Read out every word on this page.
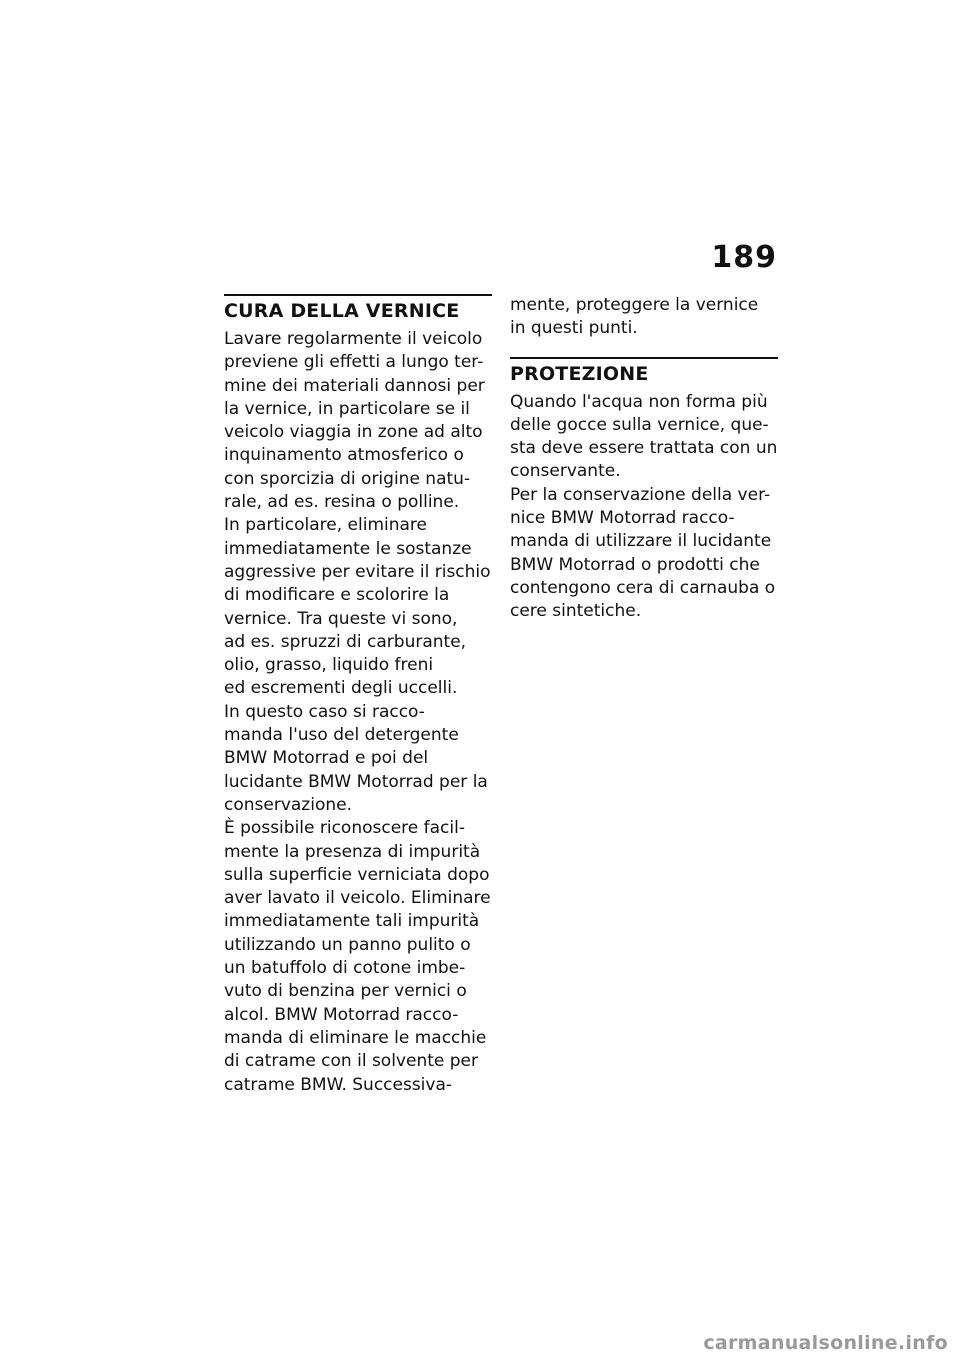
189
CURA DELLA VERNICE
Lavare regolarmente il veicolo
previene gli effetti a lungo ter-
mine dei materiali dannosi per
la vernice, in particolare se il
veicolo viaggia in zone ad alto
inquinamento atmosferico o
con sporcizia di origine natu-
rale, ad es. resina o polline.
In particolare, eliminare
immediatamente le sostanze
aggressive per evitare il rischio
di modificare e scolorire la
vernice. Tra queste vi sono,
ad es. spruzzi di carburante,
olio, grasso, liquido freni
ed escrementi degli uccelli.
In questo caso si racco-
manda l'uso del detergente
BMW Motorrad e poi del
lucidante BMW Motorrad per la
conservazione.
È possibile riconoscere facil-
mente la presenza di impurità
sulla superficie verniciata dopo
aver lavato il veicolo. Eliminare
immediatamente tali impurità
utilizzando un panno pulito o
un batuffolo di cotone imbe-
vuto di benzina per vernici o
alcol. BMW Motorrad racco-
manda di eliminare le macchie
di catrame con il solvente per
catrame BMW. Successiva-
mente, proteggere la vernice
in questi punti.
PROTEZIONE
Quando l'acqua non forma più
delle gocce sulla vernice, que-
sta deve essere trattata con un
conservante.
Per la conservazione della ver-
nice BMW Motorrad racco-
manda di utilizzare il lucidante
BMW Motorrad o prodotti che
contengono cera di carnauba o
cere sintetiche.
carmanualsonline.info
